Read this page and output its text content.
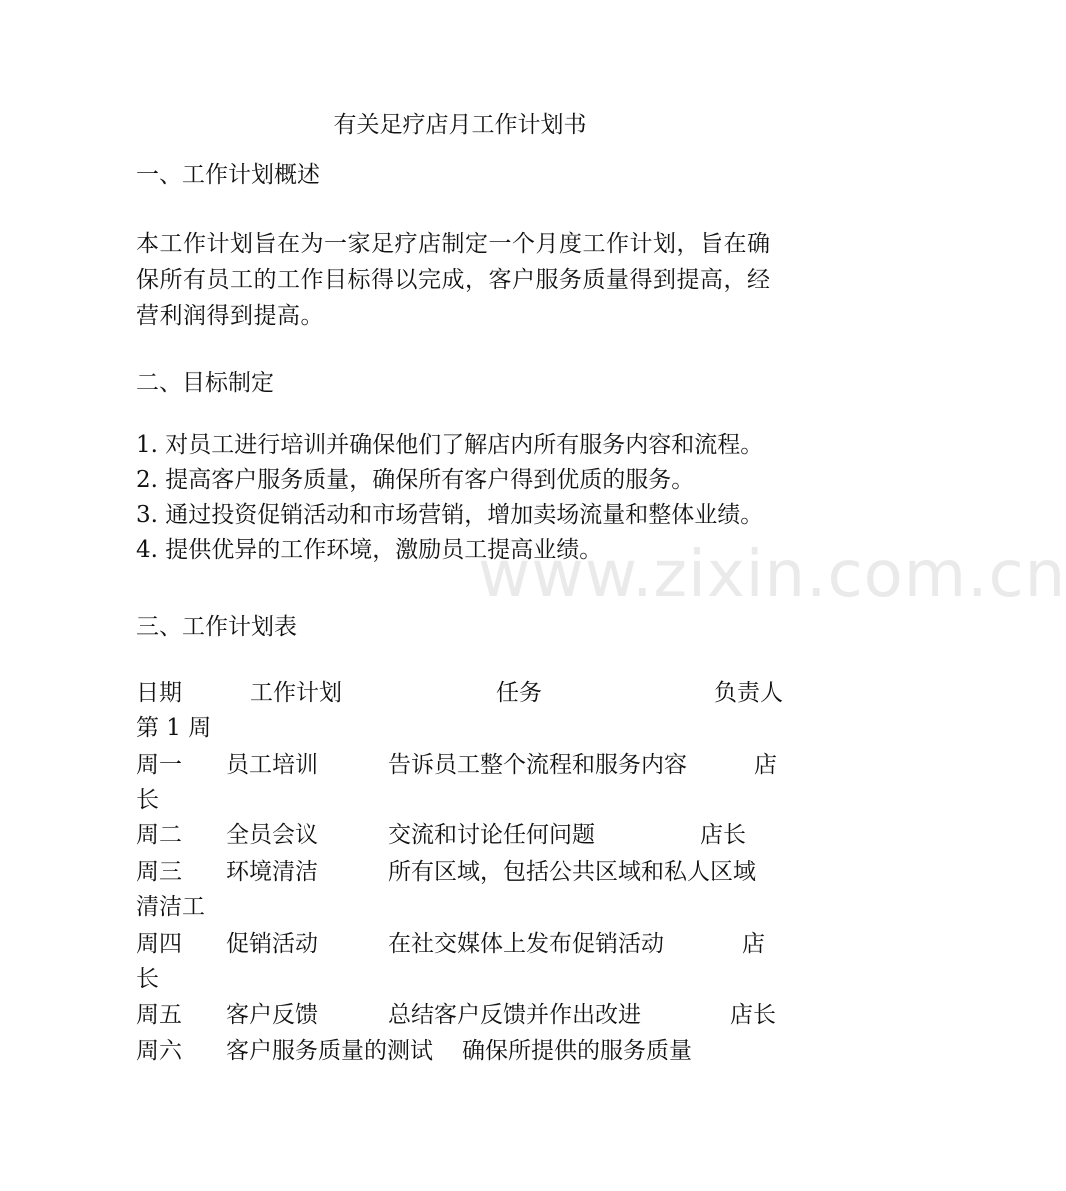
有关足疗店月工作计划书
一、工作计划概述
本工作计划旨在为一家足疗店制定一个月度工作计划，旨在确保所有员工的工作目标得以完成，客户服务质量得到提高，经营利润得到提高。
二、目标制定
1. 对员工进行培训并确保他们了解店内所有服务内容和流程。
2. 提高客户服务质量，确保所有客户得到优质的服务。
3. 通过投资促销活动和市场营销，增加卖场流量和整体业绩。
4. 提供优异的工作环境，激励员工提高业绩。
三、工作计划表
日期	工作计划	任务	负责人
第 1 周
周一 员工培训	告诉员工整个流程和服务内容	店
长
周二 全员会议	交流和讨论任何问题	店长
周三 环境清洁	所有区域，包括公共区域和私人区域
清洁工
周四 促销活动	在社交媒体上发布促销活动	店
长
周五 客户反馈	总结客户反馈并作出改进	店长
周六 客户服务质量的测试 确保所提供的服务质量
www.zixin.com.cn
